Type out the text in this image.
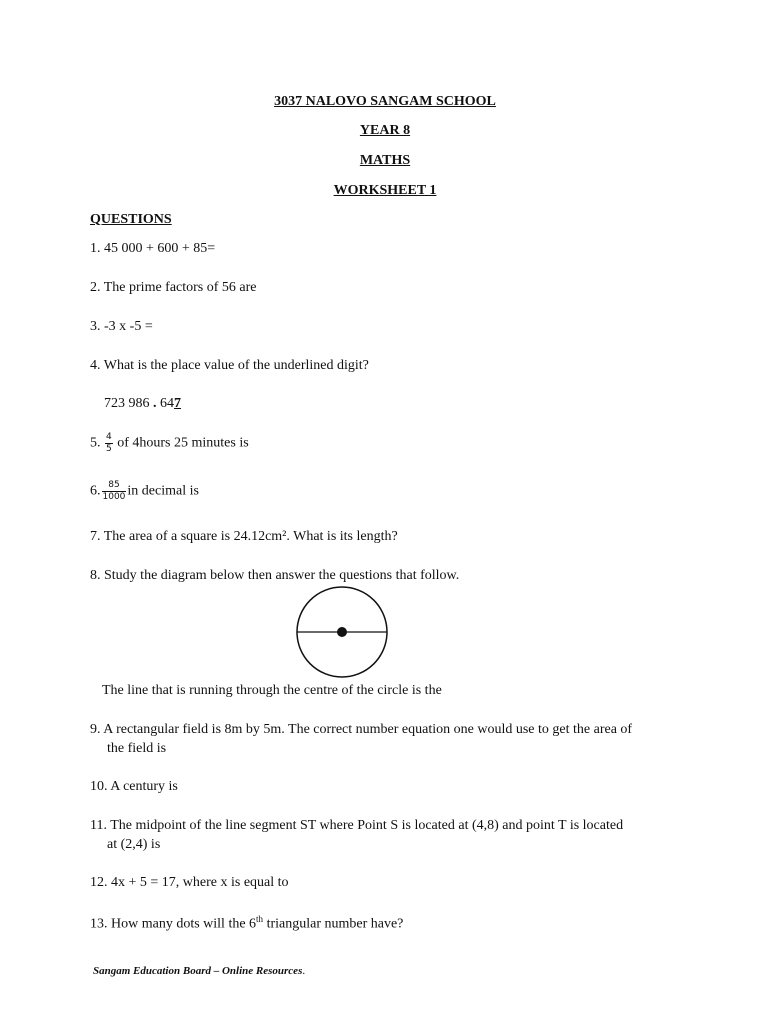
3037 NALOVO SANGAM SCHOOL
YEAR 8
MATHS
WORKSHEET 1
QUESTIONS
1. 45 000 + 600 + 85=
2. The prime factors of 56 are
3. -3 x -5 =
4. What is the place value of the underlined digit?
723 986 . 647
5. $\frac{4}{5}$ of 4hours 25 minutes is
6. $\frac{85}{1000}$ in decimal is
7. The area of a square is 24.12cm². What is its length?
8. Study the diagram below then answer the questions that follow.
The line that is running through the centre of the circle is the
9. A rectangular field is 8m by 5m. The correct number equation one would use to get the area of
the field is
10. A century is
11. The midpoint of the line segment ST where Point S is located at (4,8) and point T is located
at (2,4) is
12. 4x + 5 = 17, where x is equal to
13. How many dots will the 6th triangular number have?
Sangam Education Board – Online Resources.
